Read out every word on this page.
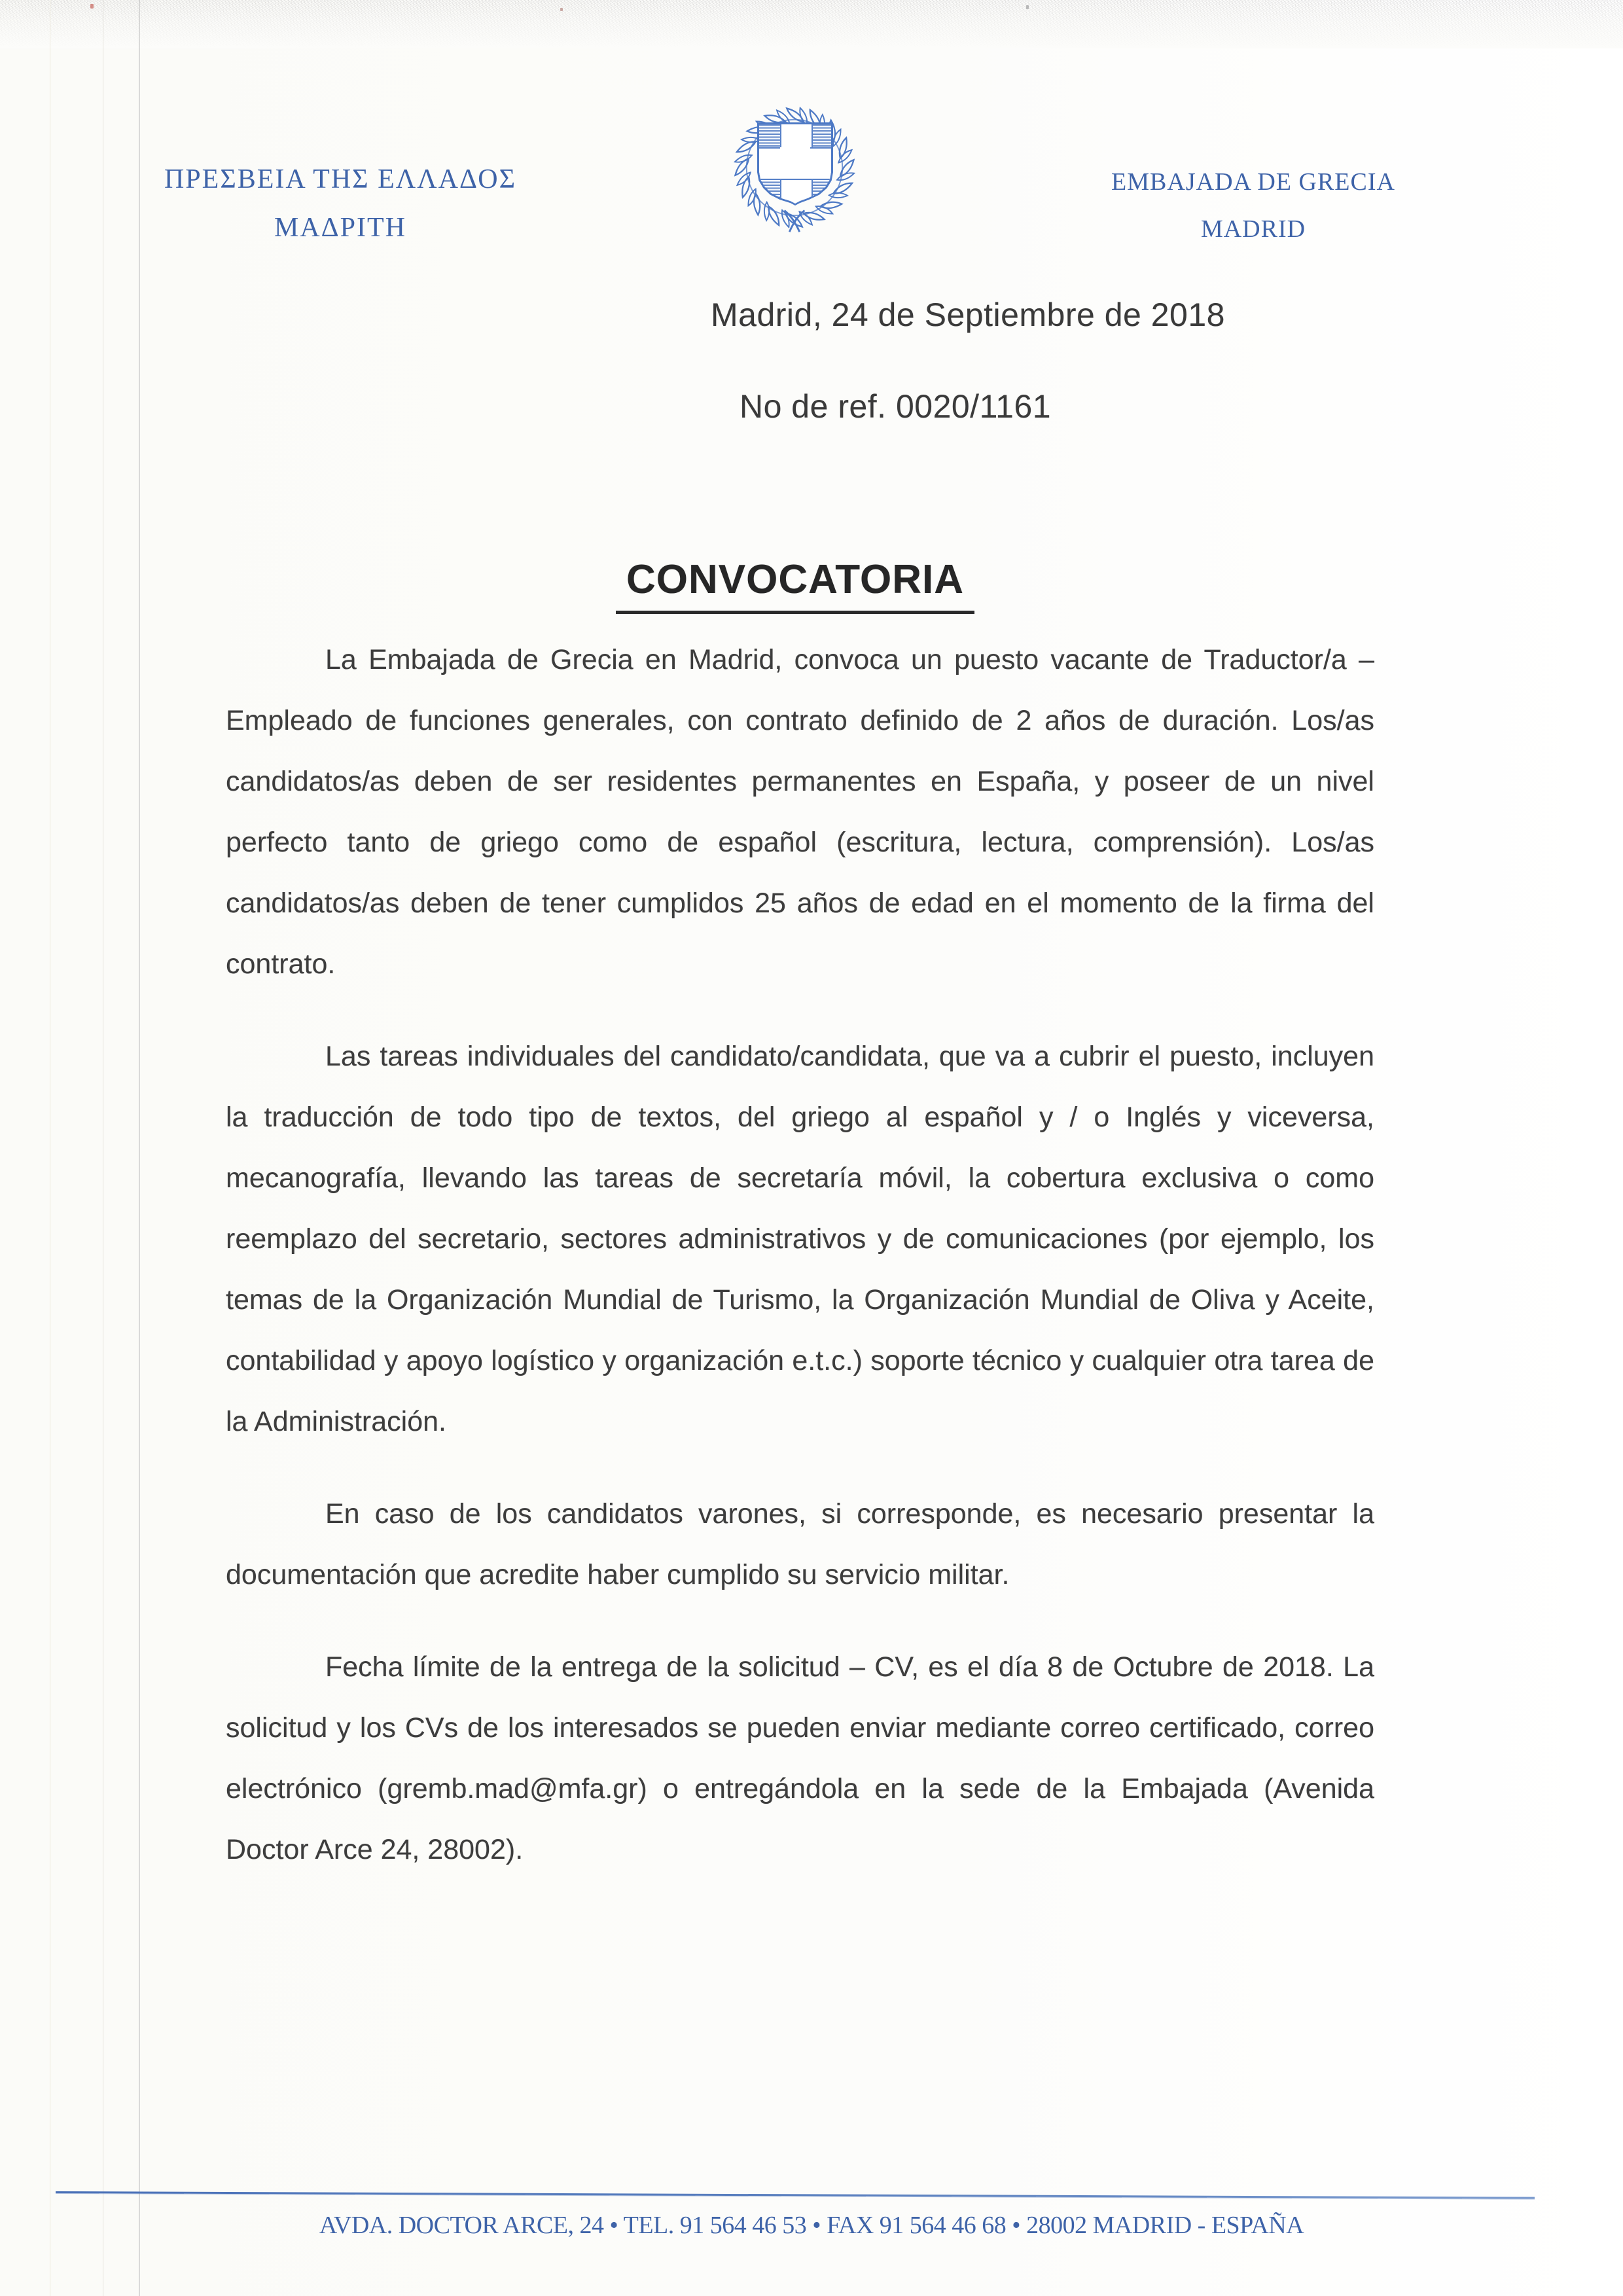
ΠΡΕΣΒΕΙΑ ΤΗΣ ΕΛΛΑΔΟΣ
ΜΑΔΡΙΤΗ
EMBAJADA DE GRECIA
MADRID
Madrid, 24 de Septiembre de 2018
No de ref. 0020/1161
CONVOCATORIA

La Embajada de Grecia en Madrid, convoca un puesto vacante de Traductor/a – Empleado de funciones generales, con contrato definido de 2 años de duración. Los/as candidatos/as deben de ser residentes permanentes en España, y poseer de un nivel perfecto tanto de griego como de español (escritura, lectura, comprensión). Los/as candidatos/as deben de tener cumplidos 25 años de edad en el momento de la firma del contrato.

Las tareas individuales del candidato/candidata, que va a cubrir el puesto, incluyen la traducción de todo tipo de textos, del griego al español y / o Inglés y viceversa, mecanografía, llevando las tareas de secretaría móvil, la cobertura exclusiva o como reemplazo del secretario, sectores administrativos y de comunicaciones (por ejemplo, los temas de la Organización Mundial de Turismo, la Organización Mundial de Oliva y Aceite, contabilidad y apoyo logístico y organización e.t.c.) soporte técnico y cualquier otra tarea de la Administración.

En caso de los candidatos varones, si corresponde, es necesario presentar la documentación que acredite haber cumplido su servicio militar.

Fecha límite de la entrega de la solicitud – CV, es el día 8 de Octubre de 2018. La solicitud y los CVs de los interesados se pueden enviar mediante correo certificado, correo electrónico (gremb.mad@mfa.gr) o entregándola en la sede de la Embajada (Avenida Doctor Arce 24, 28002).

AVDA. DOCTOR ARCE, 24 • TEL. 91 564 46 53 • FAX 91 564 46 68 • 28002 MADRID - ESPAÑA
